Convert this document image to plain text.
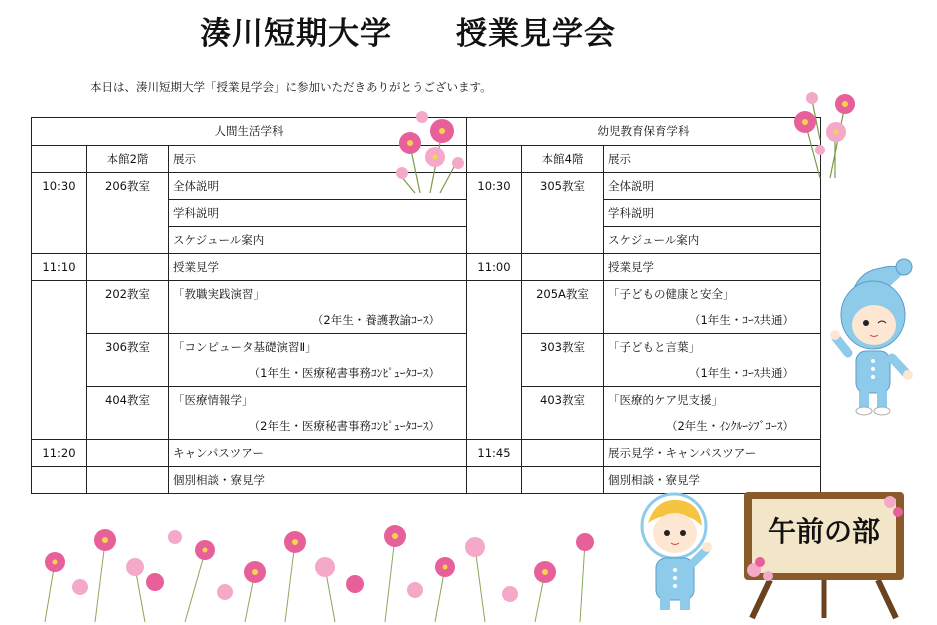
湊川短期大学　　授業見学会
本日は、湊川短期大学「授業見学会」に参加いただきありがとうございます。
人間生活学科		
	本館2階	展示
10:30	206教室	全体説明
		学科説明
		スケジュール案内
11:10		授業見学
	202教室	「教職実践演習」
		（2年生・養護教諭ｺｰｽ）
	306教室	「コンピュータ基礎演習Ⅱ」
		（1年生・医療秘書事務ｺﾝﾋﾟｭｰﾀｺｰｽ）
	404教室	「医療情報学」
		（2年生・医療秘書事務ｺﾝﾋﾟｭｰﾀｺｰｽ）
11:20		キャンパスツアー
		個別相談・寮見学
幼児教育保育学科		
	本館4階	展示
10:30	305教室	全体説明
		学科説明
		スケジュール案内
11:00		授業見学
	205A教室	「子どもの健康と安全」
		（1年生・ｺｰｽ共通）
	303教室	「子どもと言葉」
		（1年生・ｺｰｽ共通）
	403教室	「医療的ケア児支援」
		（2年生・ｲﾝｸﾙｰｼﾌﾞｺｰｽ）
11:45		展示見学・キャンパスツアー
		個別相談・寮見学
午前の部
